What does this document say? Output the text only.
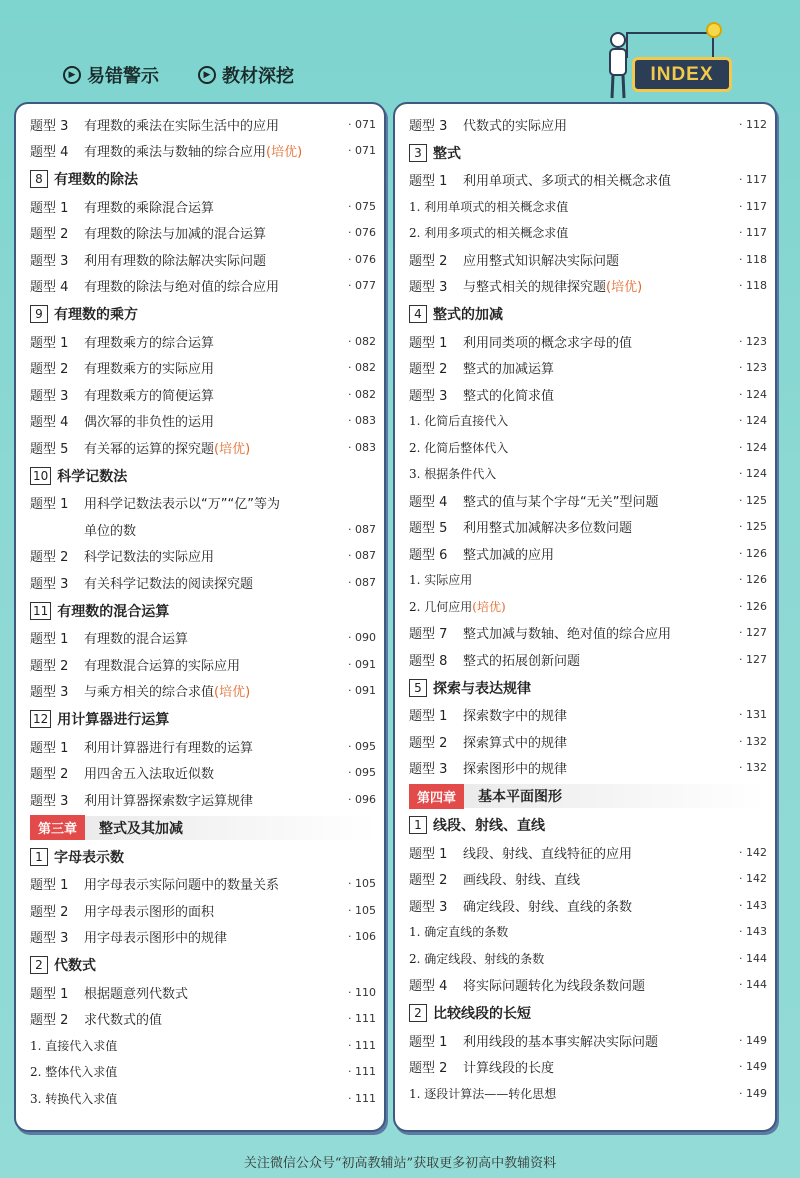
▶ 易错警示	▶ 教材深挖	INDEX
题型 3	有理数的乘法在实际生活中的应用	· 071
题型 4	有理数的乘法与数轴的综合应用(培优)	· 071
8 有理数的除法
题型 1	有理数的乘除混合运算	· 075
题型 2	有理数的除法与加减的混合运算	· 076
题型 3	利用有理数的除法解决实际问题	· 076
题型 4	有理数的除法与绝对值的综合应用	· 077
9 有理数的乘方
题型 1	有理数乘方的综合运算	· 082
题型 2	有理数乘方的实际应用	· 082
题型 3	有理数乘方的简便运算	· 082
题型 4	偶次幂的非负性的运用	· 083
题型 5	有关幂的运算的探究题(培优)	· 083
10 科学记数法
题型 1	用科学记数法表示以“万”“亿”等为
单位的数	· 087
题型 2	科学记数法的实际应用	· 087
题型 3	有关科学记数法的阅读探究题	· 087
11 有理数的混合运算
题型 1	有理数的混合运算	· 090
题型 2	有理数混合运算的实际应用	· 091
题型 3	与乘方相关的综合求值(培优)	· 091
12 用计算器进行运算
题型 1	利用计算器进行有理数的运算	· 095
题型 2	用四舍五入法取近似数	· 095
题型 3	利用计算器探索数字运算规律	· 096
第三章	整式及其加减
1 字母表示数
题型 1	用字母表示实际问题中的数量关系	· 105
题型 2	用字母表示图形的面积	· 105
题型 3	用字母表示图形中的规律	· 106
2 代数式
题型 1	根据题意列代数式	· 110
题型 2	求代数式的值	· 111
1. 直接代入求值	· 111
2. 整体代入求值	· 111
3. 转换代入求值	· 111
题型 3	代数式的实际应用	· 112
3 整式
题型 1	利用单项式、多项式的相关概念求值	· 117
1. 利用单项式的相关概念求值	· 117
2. 利用多项式的相关概念求值	· 117
题型 2	应用整式知识解决实际问题	· 118
题型 3	与整式相关的规律探究题(培优)	· 118
4 整式的加减
题型 1	利用同类项的概念求字母的值	· 123
题型 2	整式的加减运算	· 123
题型 3	整式的化简求值	· 124
1. 化简后直接代入	· 124
2. 化简后整体代入	· 124
3. 根据条件代入	· 124
题型 4	整式的值与某个字母“无关”型问题	· 125
题型 5	利用整式加减解决多位数问题	· 125
题型 6	整式加减的应用	· 126
1. 实际应用	· 126
2. 几何应用(培优)	· 126
题型 7	整式加减与数轴、绝对值的综合应用	· 127
题型 8	整式的拓展创新问题	· 127
5 探索与表达规律
题型 1	探索数字中的规律	· 131
题型 2	探索算式中的规律	· 132
题型 3	探索图形中的规律	· 132
第四章	基本平面图形
1 线段、射线、直线
题型 1	线段、射线、直线特征的应用	· 142
题型 2	画线段、射线、直线	· 142
题型 3	确定线段、射线、直线的条数	· 143
1. 确定直线的条数	· 143
2. 确定线段、射线的条数	· 144
题型 4	将实际问题转化为线段条数问题	· 144
2 比较线段的长短
题型 1	利用线段的基本事实解决实际问题	· 149
题型 2	计算线段的长度	· 149
1. 逐段计算法——转化思想	· 149
关注微信公众号“初高教辅站”获取更多初高中教辅资料
